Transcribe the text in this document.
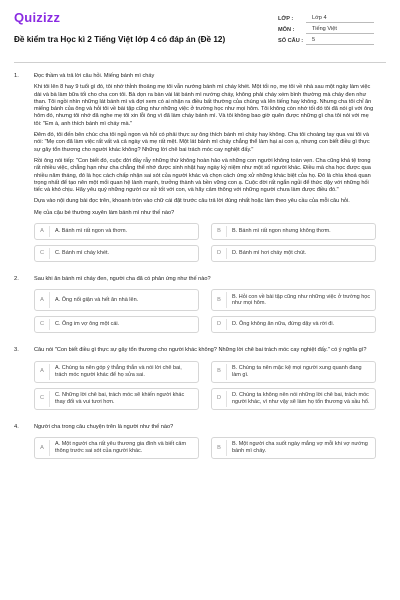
Quizizz
Đề kiểm tra Học kì 2 Tiếng Việt lớp 4 có đáp án (Đề 12)
LỚP :	Lớp 4
MÔN :	Tiếng Việt
SỐ CÂU :	5
1.	Đọc thầm và trả lời câu hỏi. Miếng bánh mì cháy

Khi tôi lên 8 hay 9 tuổi gì đó, tôi nhớ thỉnh thoảng mẹ tôi vẫn nướng bánh mì cháy khét. Một tối nọ, mẹ tôi về nhà sau một ngày làm việc dài và bà làm bữa tối cho cha con tôi. Bà dọn ra bàn vài lát bánh mì nướng cháy, không phải cháy xém bình thường mà cháy đen như than. Tôi ngồi nhìn những lát bánh mì và đợi xem có ai nhận ra điều bất thường của chúng và lên tiếng hay không. Nhưng cha tôi chỉ ăn miếng bánh của ông và hỏi tôi về bài tập cũng như những việc ở trường học như mọi hôm. Tôi không còn nhớ tối đó tôi đã nói gì với ông hôm đó, nhưng tôi nhớ đã nghe mẹ tôi xin lỗi ông vì đã làm cháy bánh mì. Và tôi không bao giờ quên được những gì cha tôi nói với mẹ tôi: "Em à, anh thích bánh mì cháy mà."

Đêm đó, tôi đến bên chúc cha tôi ngủ ngon và hỏi có phải thực sự ông thích bánh mì cháy hay không. Cha tôi choàng tay qua vai tôi và nói: "Mẹ con đã làm việc rất vất vả cả ngày và mẹ rất mệt. Một lát bánh mì cháy chẳng thể làm hại ai con ạ, nhưng con biết điều gì thực sự gây tổn thương cho người khác không? Những lời chê bai trách móc cay nghiệt đấy."

Rồi ông nói tiếp: "Con biết đó, cuộc đời đầy rẫy những thứ không hoàn hảo và những con người không toàn vẹn. Cha cũng khá tệ trong rất nhiều việc, chẳng hạn như cha chẳng thể nhớ được sinh nhật hay ngày kỷ niệm như một số người khác. Điều mà cha học được qua nhiều năm tháng, đó là học cách chấp nhận sai sót của người khác và chọn cách ứng xử những khác biệt của họ. Đó là chìa khoá quan trọng nhất để tạo nên một mối quan hệ lành mạnh, trưởng thành và bền vững con ạ. Cuộc đời rất ngắn ngủi để thức dậy với những hối tiếc và khó chịu. Hãy yêu quý những người cư xử tốt với con, và hãy cảm thông với những người chưa làm được điều đó."

Dựa vào nội dung bài đọc trên, khoanh tròn vào chữ cái đặt trước câu trả lời đúng nhất hoặc làm theo yêu cầu của mỗi câu hỏi.

Mẹ của cậu bé thường xuyên làm bánh mì như thế nào?
A	A. Bánh mì rất ngon và thơm.	B	B. Bánh mì rất ngon nhưng không thơm.
C	C. Bánh mì cháy khét.	D	D. Bánh mì hơi cháy một chút.
2.	Sau khi ăn bánh mì cháy đen, người cha đã có phản ứng như thế nào?
A	A. Ông nổi giận và hết ăn nhà lên.	B
B. Hỏi con về bài tập cũng như những việc ở trường học như mọi hôm.
C	C. Ông im vợ ông một cái.	D	D. Ông không ăn nữa, đứng dậy và rời đi.
3.	Câu nói "Con biết điều gì thực sự gây tổn thương cho người khác không? Những lời chê bai trách móc cay nghiệt đấy." có ý nghĩa gì?
A
A. Chúng ta nên góp ý thẳng thắn và nói lời chê bai, trách móc người khác để họ sửa sai.
B
B. Chúng ta nên mặc kệ mọi người xung quanh đang làm gì.
C
C. Những lời chê bai, trách móc sẽ khiến người khác thay đổi và vui tươi hơn.
D
D. Chúng ta không nên nói những lời chê bai, trách móc người khác, vì như vậy sẽ làm họ tổn thương và sầu hổ.
4.	Người cha trong câu chuyện trên là người như thế nào?
A
A. Một người cha rất yêu thương gia đình và biết cảm thông trước sai sót của người khác.
B
B. Một người cha suốt ngày mắng vợ mỗi khi vợ nướng bánh mì cháy.
